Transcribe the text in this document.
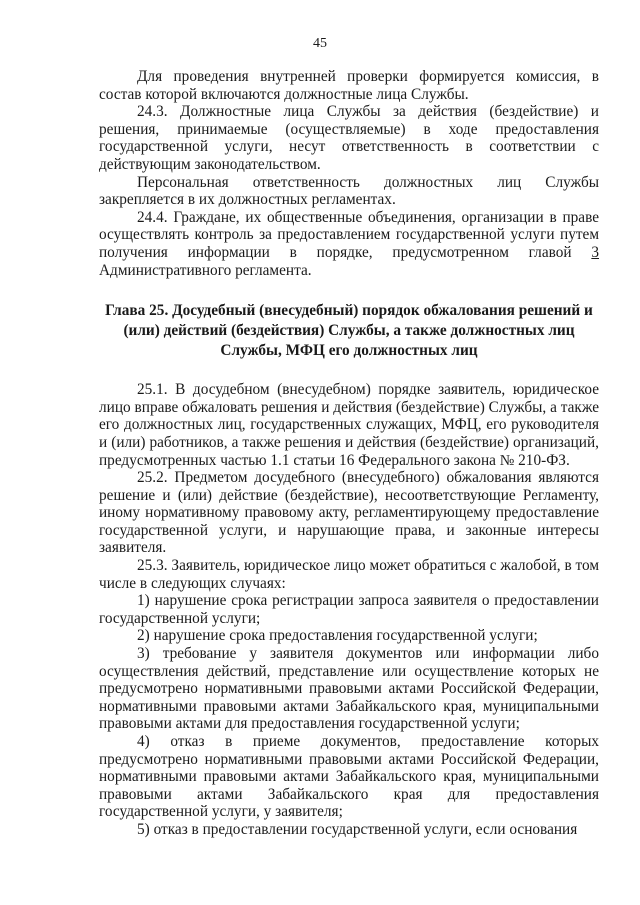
45

Для проведения внутренней проверки формируется комиссия, в состав которой включаются должностные лица Службы.

24.3. Должностные лица Службы за действия (бездействие) и решения, принимаемые (осуществляемые) в ходе предоставления государственной услуги, несут ответственность в соответствии с действующим законодательством.

Персональная ответственность должностных лиц Службы закрепляется в их должностных регламентах.

24.4. Граждане, их общественные объединения, организации в праве осуществлять контроль за предоставлением государственной услуги путем получения информации в порядке, предусмотренном главой 3 Административного регламента.

Глава 25. Досудебный (внесудебный) порядок обжалования решений и
(или) действий (бездействия) Службы, а также должностных лиц
Службы, МФЦ его должностных лиц

25.1. В досудебном (внесудебном) порядке заявитель, юридическое лицо вправе обжаловать решения и действия (бездействие) Службы, а также его должностных лиц, государственных служащих, МФЦ, его руководителя и (или) работников, а также решения и действия (бездействие) организаций, предусмотренных частью 1.1 статьи 16 Федерального закона № 210-ФЗ.

25.2. Предметом досудебного (внесудебного) обжалования являются решение и (или) действие (бездействие), несоответствующие Регламенту, иному нормативному правовому акту, регламентирующему предоставление государственной услуги, и нарушающие права, и законные интересы заявителя.

25.3. Заявитель, юридическое лицо может обратиться с жалобой, в том числе в следующих случаях:

1) нарушение срока регистрации запроса заявителя о предоставлении государственной услуги;

2) нарушение срока предоставления государственной услуги;

3) требование у заявителя документов или информации либо осуществления действий, представление или осуществление которых не предусмотрено нормативными правовыми актами Российской Федерации, нормативными правовыми актами Забайкальского края, муниципальными правовыми актами для предоставления государственной услуги;

4) отказ в приеме документов, предоставление которых предусмотрено нормативными правовыми актами Российской Федерации, нормативными правовыми актами Забайкальского края, муниципальными правовыми актами Забайкальского края для предоставления государственной услуги, у заявителя;

5) отказ в предоставлении государственной услуги, если основания
